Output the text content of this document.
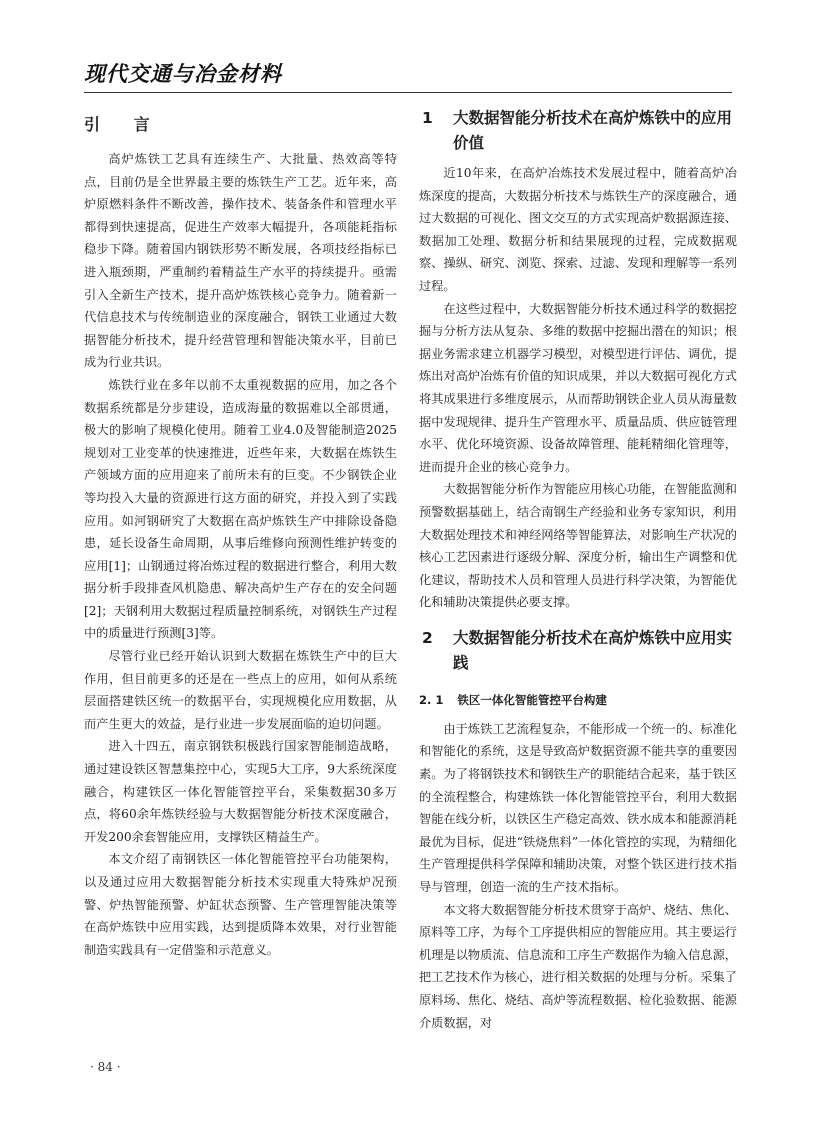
现代交通与冶金材料
引 言

高炉炼铁工艺具有连续生产、大批量、热效高等特点，目前仍是全世界最主要的炼铁生产工艺。近年来，高炉原燃料条件不断改善，操作技术、装备条件和管理水平都得到快速提高，促进生产效率大幅提升，各项能耗指标稳步下降。随着国内钢铁形势不断发展，各项技经指标已进入瓶颈期，严重制约着精益生产水平的持续提升。亟需引入全新生产技术，提升高炉炼铁核心竞争力。随着新一代信息技术与传统制造业的深度融合，钢铁工业通过大数据智能分析技术，提升经营管理和智能决策水平，目前已成为行业共识。

炼铁行业在多年以前不太重视数据的应用，加之各个数据系统都是分步建设，造成海量的数据难以全部贯通，极大的影响了规模化使用。随着工业4.0及智能制造2025规划对工业变革的快速推进，近些年来，大数据在炼铁生产领域方面的应用迎来了前所未有的巨变。不少钢铁企业等均投入大量的资源进行这方面的研究，并投入到了实践应用。如河钢研究了大数据在高炉炼铁生产中排除设备隐患，延长设备生命周期，从事后维修向预测性维护转变的应用[1]；山钢通过将冶炼过程的数据进行整合，利用大数据分析手段排查风机隐患、解决高炉生产存在的安全问题[2]；天钢利用大数据过程质量控制系统，对钢铁生产过程中的质量进行预测[3]等。

尽管行业已经开始认识到大数据在炼铁生产中的巨大作用，但目前更多的还是在一些点上的应用，如何从系统层面搭建铁区统一的数据平台，实现规模化应用数据，从而产生更大的效益，是行业进一步发展面临的迫切问题。

进入十四五，南京钢铁积极践行国家智能制造战略，通过建设铁区智慧集控中心，实现5大工序，9大系统深度融合，构建铁区一体化智能管控平台，采集数据30多万点，将60余年炼铁经验与大数据智能分析技术深度融合，开发200余套智能应用，支撑铁区精益生产。

本文介绍了南钢铁区一体化智能管控平台功能架构，以及通过应用大数据智能分析技术实现重大特殊炉况预警、炉热智能预警、炉缸状态预警、生产管理智能决策等在高炉炼铁中应用实践，达到提质降本效果，对行业智能制造实践具有一定借鉴和示范意义。

1 大数据智能分析技术在高炉炼铁中的应用价值

近10年来，在高炉冶炼技术发展过程中，随着高炉冶炼深度的提高，大数据分析技术与炼铁生产的深度融合，通过大数据的可视化、图文交互的方式实现高炉数据源连接、数据加工处理、数据分析和结果展现的过程，完成数据观察、操纵、研究、浏览、探索、过滤、发现和理解等一系列过程。

在这些过程中，大数据智能分析技术通过科学的数据挖掘与分析方法从复杂、多维的数据中挖掘出潜在的知识；根据业务需求建立机器学习模型，对模型进行评估、调优，提炼出对高炉冶炼有价值的知识成果，并以大数据可视化方式将其成果进行多维度展示，从而帮助钢铁企业人员从海量数据中发现规律、提升生产管理水平、质量品质、供应链管理水平、优化环境资源、设备故障管理、能耗精细化管理等，进而提升企业的核心竞争力。

大数据智能分析作为智能应用核心功能，在智能监测和预警数据基础上，结合南钢生产经验和业务专家知识，利用大数据处理技术和神经网络等智能算法，对影响生产状况的核心工艺因素进行逐级分解、深度分析，输出生产调整和优化建议，帮助技术人员和管理人员进行科学决策，为智能优化和辅助决策提供必要支撑。

2 大数据智能分析技术在高炉炼铁中应用实践
2. 1 铁区一体化智能管控平台构建

由于炼铁工艺流程复杂，不能形成一个统一的、标准化和智能化的系统，这是导致高炉数据资源不能共享的重要因素。为了将钢铁技术和钢铁生产的职能结合起来，基于铁区的全流程整合，构建炼铁一体化智能管控平台，利用大数据智能在线分析，以铁区生产稳定高效、铁水成本和能源消耗最优为目标，促进“铁烧焦料”一体化管控的实现，为精细化生产管理提供科学保障和辅助决策，对整个铁区进行技术指导与管理，创造一流的生产技术指标。

本文将大数据智能分析技术贯穿于高炉、烧结、焦化、原料等工序，为每个工序提供相应的智能应用。其主要运行机理是以物质流、信息流和工序生产数据作为输入信息源，把工艺技术作为核心，进行相关数据的处理与分析。采集了原料场、焦化、烧结、高炉等流程数据、检化验数据、能源介质数据，对

· 84 ·
